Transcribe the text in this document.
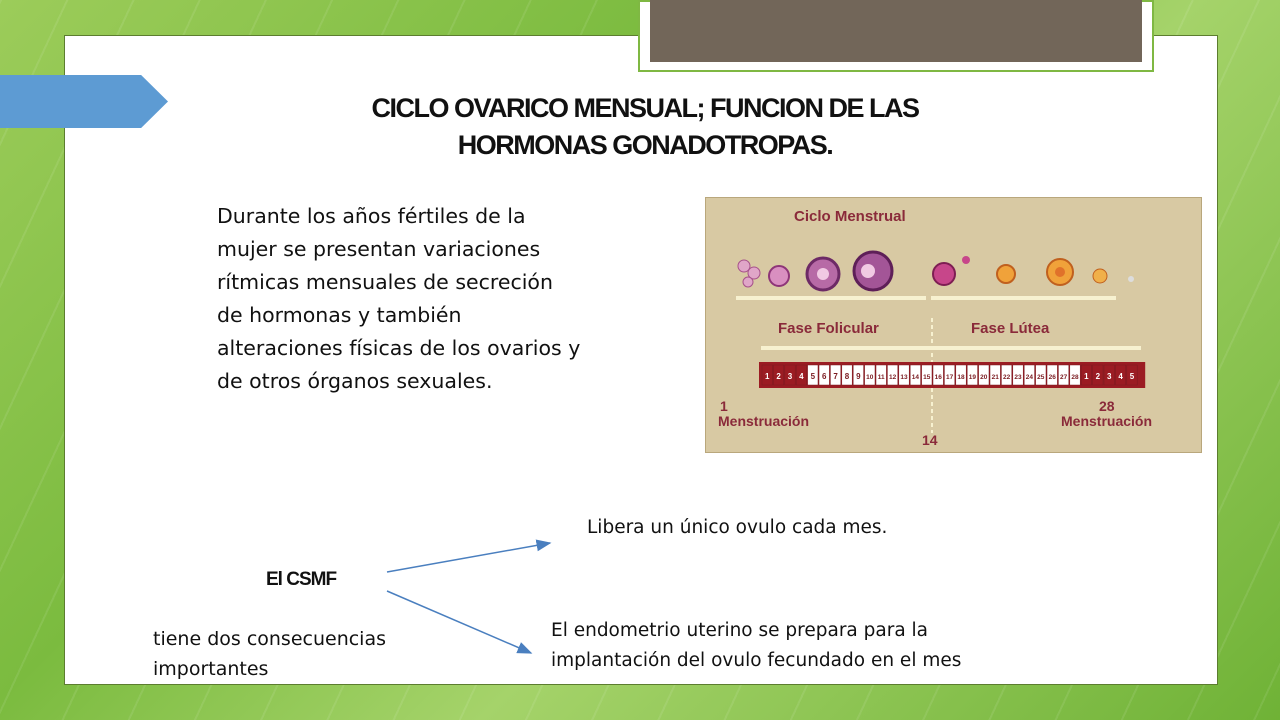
CICLO OVARICO MENSUAL; FUNCION DE LAS
HORMONAS GONADOTROPAS.
Durante los años fértiles de la
mujer se presentan variaciones
rítmicas mensuales de secreción
de hormonas y también
alteraciones físicas de los ovarios y
de otros órganos sexuales.
Ciclo Menstrual
Fase Folicular	Fase Lútea
1 2 3 4 5 6 7 8 9 10 11 12 13 14 15 16 17 18 19 20 21 22 23 24 25 26 27 28 1 2 3 4 5
1
Menstruación
28
Menstruación
14
El CSMF
tiene dos consecuencias
importantes
Libera un único ovulo cada mes.
El endometrio uterino se prepara para la
implantación del ovulo fecundado en el mes
